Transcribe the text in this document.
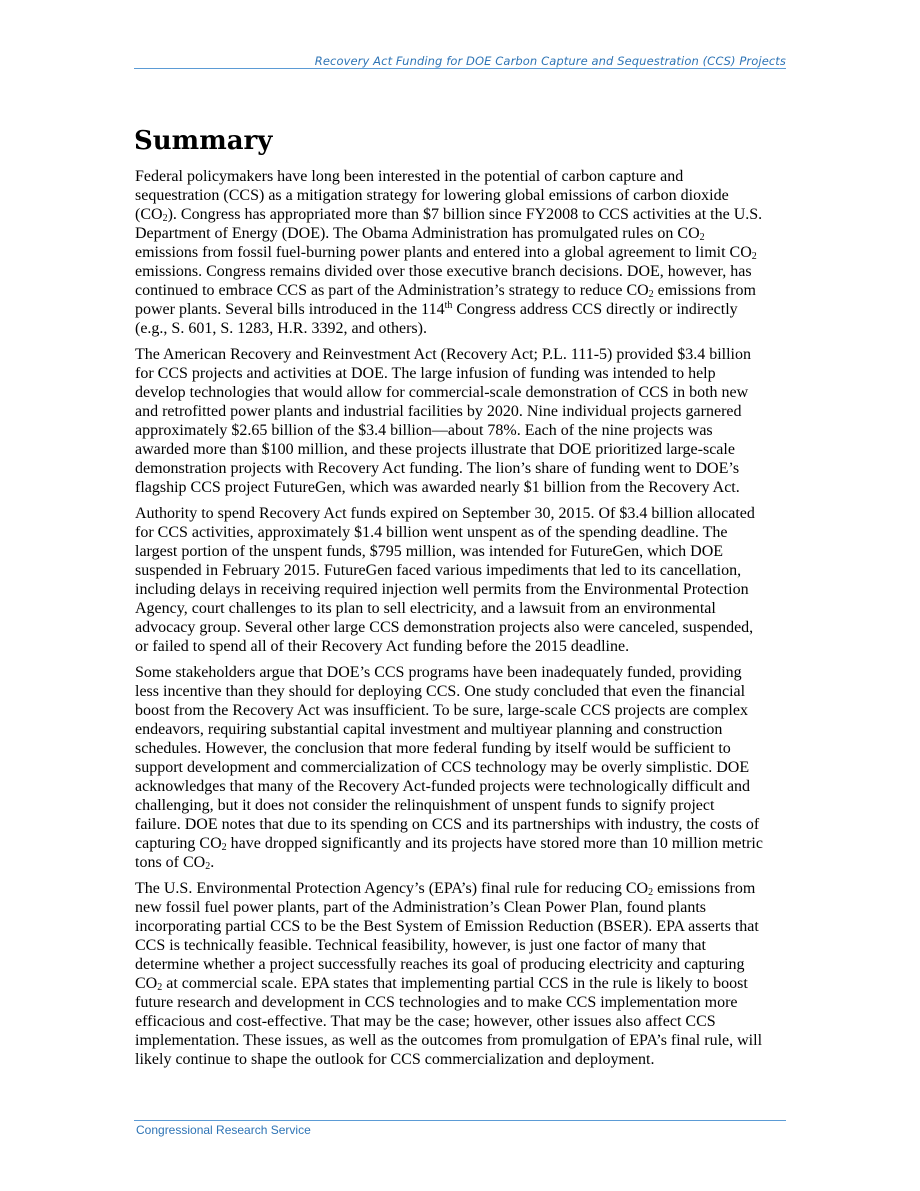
Recovery Act Funding for DOE Carbon Capture and Sequestration (CCS) Projects
Summary

Federal policymakers have long been interested in the potential of carbon capture and
sequestration (CCS) as a mitigation strategy for lowering global emissions of carbon dioxide
$(CO_2)$. Congress has appropriated more than $7 billion since FY2008 to CCS activities at the U.S.
Department of Energy (DOE). The Obama Administration has promulgated rules on $CO_2$
emissions from fossil fuel-burning power plants and entered into a global agreement to limit $CO_2$
emissions. Congress remains divided over those executive branch decisions. DOE, however, has
continued to embrace CCS as part of the Administration’s strategy to reduce $CO_2$ emissions from
power plants. Several bills introduced in the 114th Congress address CCS directly or indirectly
(e.g., S. 601, S. 1283, H.R. 3392, and others).

The American Recovery and Reinvestment Act (Recovery Act; P.L. 111-5) provided $3.4 billion
for CCS projects and activities at DOE. The large infusion of funding was intended to help
develop technologies that would allow for commercial-scale demonstration of CCS in both new
and retrofitted power plants and industrial facilities by 2020. Nine individual projects garnered
approximately $2.65 billion of the $3.4 billion—about 78%. Each of the nine projects was
awarded more than $100 million, and these projects illustrate that DOE prioritized large-scale
demonstration projects with Recovery Act funding. The lion’s share of funding went to DOE’s
flagship CCS project FutureGen, which was awarded nearly $1 billion from the Recovery Act.

Authority to spend Recovery Act funds expired on September 30, 2015. Of $3.4 billion allocated
for CCS activities, approximately $1.4 billion went unspent as of the spending deadline. The
largest portion of the unspent funds, $795 million, was intended for FutureGen, which DOE
suspended in February 2015. FutureGen faced various impediments that led to its cancellation,
including delays in receiving required injection well permits from the Environmental Protection
Agency, court challenges to its plan to sell electricity, and a lawsuit from an environmental
advocacy group. Several other large CCS demonstration projects also were canceled, suspended,
or failed to spend all of their Recovery Act funding before the 2015 deadline.

Some stakeholders argue that DOE’s CCS programs have been inadequately funded, providing
less incentive than they should for deploying CCS. One study concluded that even the financial
boost from the Recovery Act was insufficient. To be sure, large-scale CCS projects are complex
endeavors, requiring substantial capital investment and multiyear planning and construction
schedules. However, the conclusion that more federal funding by itself would be sufficient to
support development and commercialization of CCS technology may be overly simplistic. DOE
acknowledges that many of the Recovery Act-funded projects were technologically difficult and
challenging, but it does not consider the relinquishment of unspent funds to signify project
failure. DOE notes that due to its spending on CCS and its partnerships with industry, the costs of
capturing $CO_2$ have dropped significantly and its projects have stored more than 10 million metric
tons of $CO_2$.

The U.S. Environmental Protection Agency’s (EPA’s) final rule for reducing $CO_2$ emissions from
new fossil fuel power plants, part of the Administration’s Clean Power Plan, found plants
incorporating partial CCS to be the Best System of Emission Reduction (BSER). EPA asserts that
CCS is technically feasible. Technical feasibility, however, is just one factor of many that
determine whether a project successfully reaches its goal of producing electricity and capturing
$CO_2$ at commercial scale. EPA states that implementing partial CCS in the rule is likely to boost
future research and development in CCS technologies and to make CCS implementation more
efficacious and cost-effective. That may be the case; however, other issues also affect CCS
implementation. These issues, as well as the outcomes from promulgation of EPA’s final rule, will
likely continue to shape the outlook for CCS commercialization and deployment.

Congressional Research Service
